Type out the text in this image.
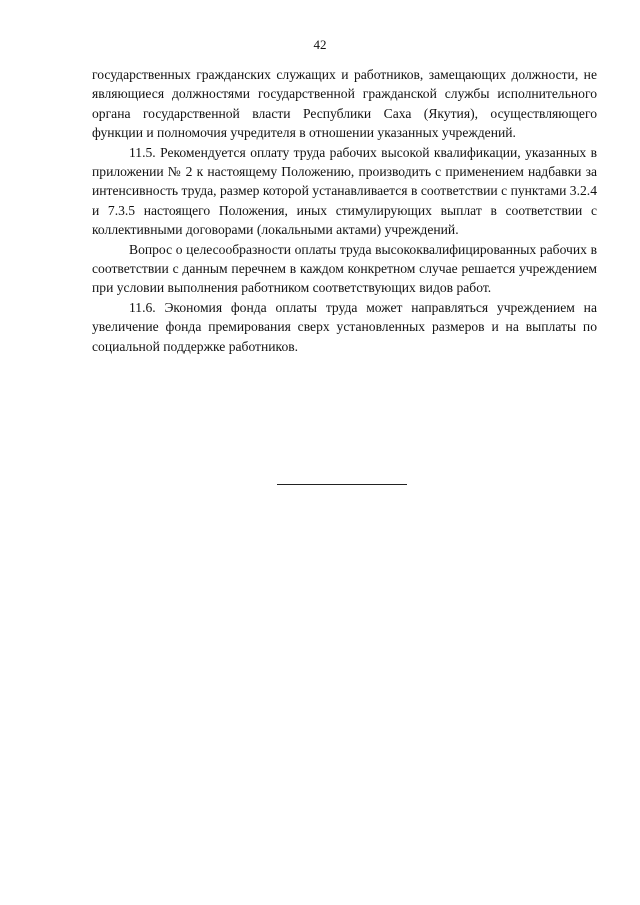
42

государственных гражданских служащих и работников, замещающих должности, не являющиеся должностями государственной гражданской службы исполнительного органа государственной власти Республики Саха (Якутия), осуществляющего функции и полномочия учредителя в отношении указанных учреждений.

11.5. Рекомендуется оплату труда рабочих высокой квалификации, указанных в приложении № 2 к настоящему Положению, производить с применением надбавки за интенсивность труда, размер которой устанавливается в соответствии с пунктами 3.2.4 и 7.3.5 настоящего Положения, иных стимулирующих выплат в соответствии с коллективными договорами (локальными актами) учреждений.

Вопрос о целесообразности оплаты труда высококвалифицированных рабочих в соответствии с данным перечнем в каждом конкретном случае решается учреждением при условии выполнения работником соответствующих видов работ.

11.6. Экономия фонда оплаты труда может направляться учреждением на увеличение фонда премирования сверх установленных размеров и на выплаты по социальной поддержке работников.
